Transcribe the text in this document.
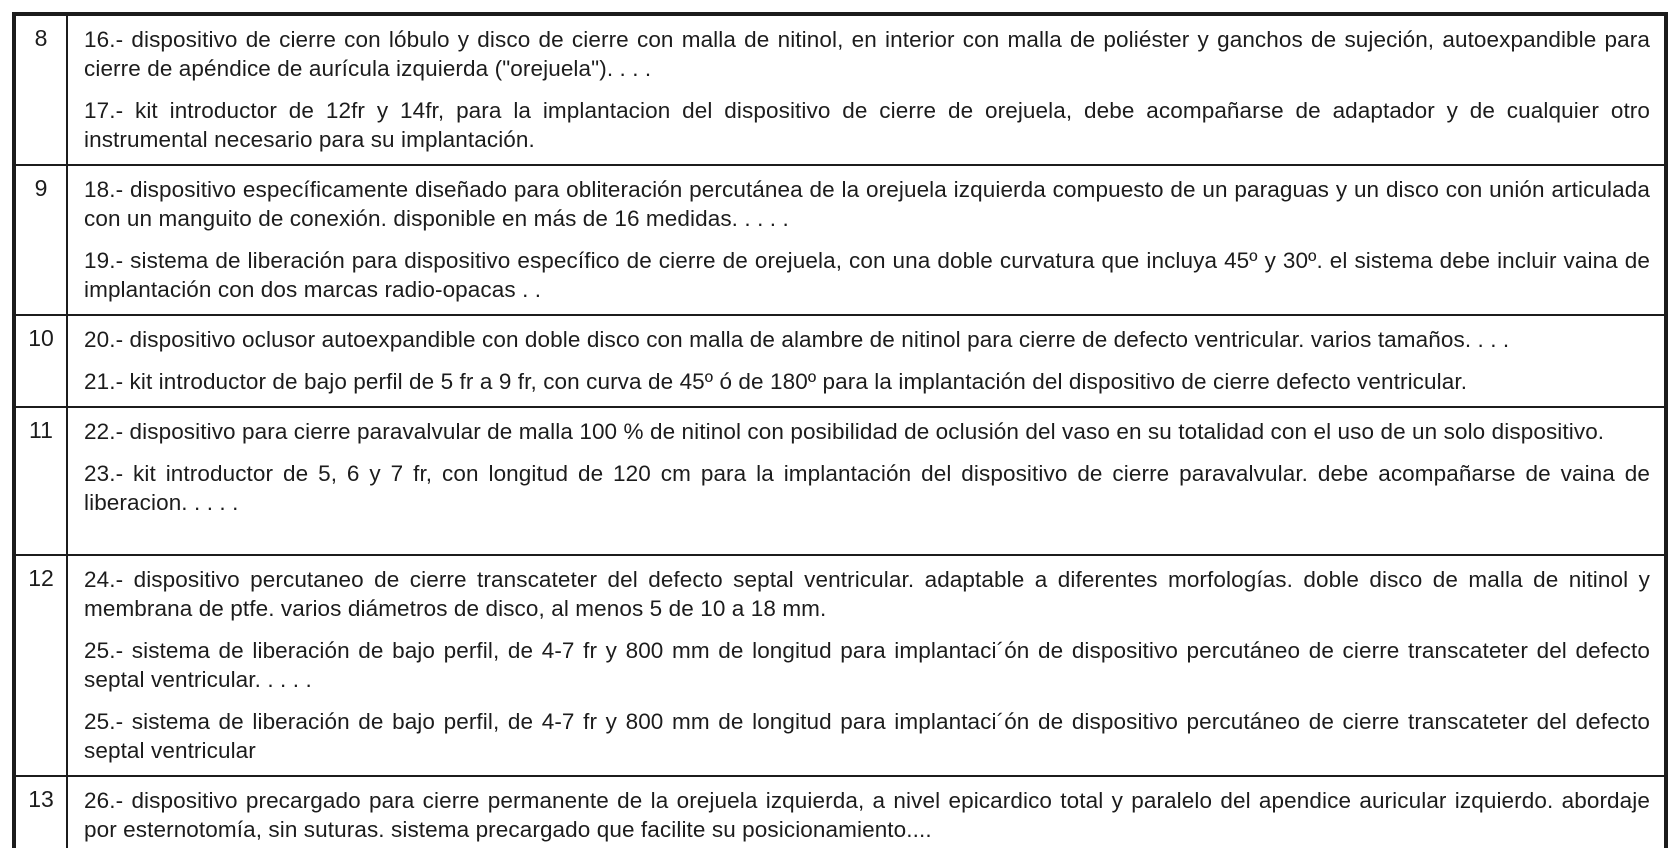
8	16.- dispositivo de cierre con lóbulo y disco de cierre con malla de nitinol, en interior con malla de poliéster y ganchos de sujeción, autoexpandible para cierre de apéndice de aurícula izquierda ("orejuela"). . . .

17.- kit introductor de 12fr y 14fr, para la implantacion del dispositivo de cierre de orejuela, debe acompañarse de adaptador y de cualquier otro instrumental necesario para su implantación.

9	18.- dispositivo específicamente diseñado para obliteración percutánea de la orejuela izquierda compuesto de un paraguas y un disco con unión articulada con un manguito de conexión. disponible en más de 16 medidas. . . . .

19.- sistema de liberación para dispositivo específico de cierre de orejuela, con una doble curvatura que incluya 45º y 30º. el sistema debe incluir vaina de implantación con dos marcas radio-opacas . .

10	20.- dispositivo oclusor autoexpandible con doble disco con malla de alambre de nitinol para cierre de defecto ventricular. varios tamaños. . . .

21.- kit introductor de bajo perfil de 5 fr a 9 fr, con curva de 45º ó de 180º para la implantación del dispositivo de cierre defecto ventricular.

11	22.- dispositivo para cierre paravalvular de malla 100 % de nitinol con posibilidad de oclusión del vaso en su totalidad con el uso de un solo dispositivo.

23.- kit introductor de 5, 6 y 7 fr, con longitud de 120 cm para la implantación del dispositivo de cierre paravalvular. debe acompañarse de vaina de liberacion. . . . .

12	24.- dispositivo percutaneo de cierre transcateter del defecto septal ventricular. adaptable a diferentes morfologías. doble disco de malla de nitinol y membrana de ptfe. varios diámetros de disco, al menos 5 de 10 a 18 mm.

25.- sistema de liberación de bajo perfil, de 4-7 fr y 800 mm de longitud para implantaci´ón de dispositivo percutáneo de cierre transcateter del defecto septal ventricular. . . . .

25.- sistema de liberación de bajo perfil, de 4-7 fr y 800 mm de longitud para implantaci´ón de dispositivo percutáneo de cierre transcateter del defecto septal ventricular

13	26.- dispositivo precargado para cierre permanente de la orejuela izquierda, a nivel epicardico total y paralelo del apendice auricular izquierdo. abordaje por esternotomía, sin suturas. sistema precargado que facilite su posicionamiento....
